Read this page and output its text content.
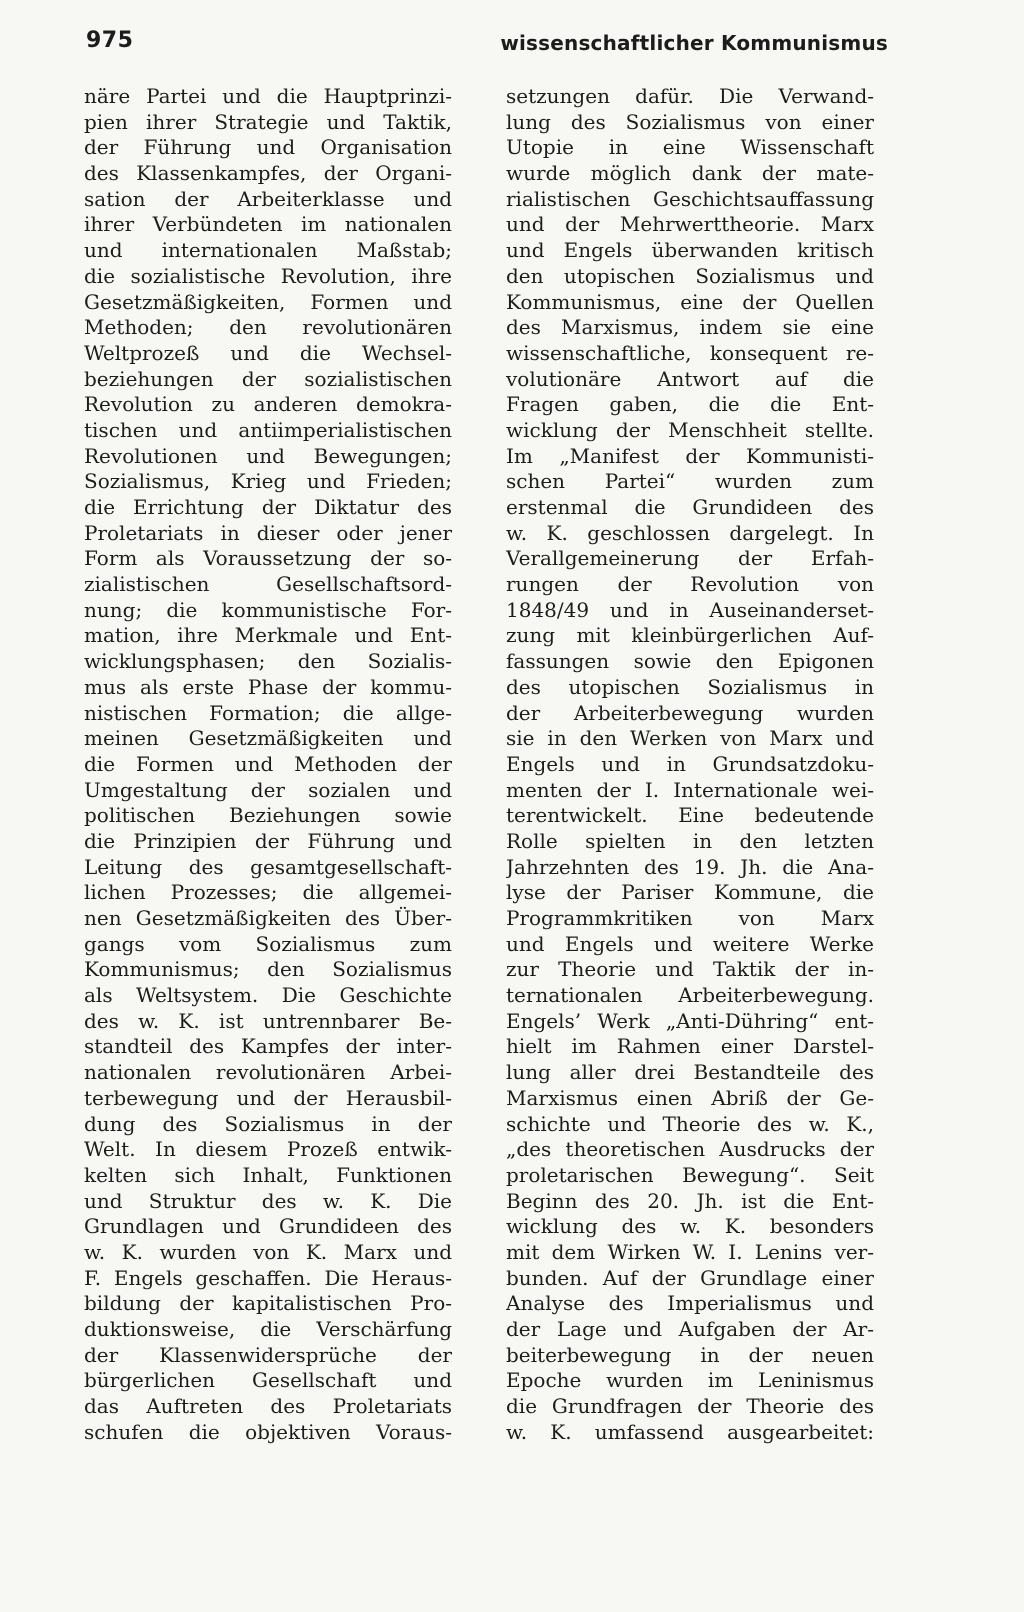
975	wissenschaftlicher Kommunismus
näre Partei und die Hauptprinzi-
pien ihrer Strategie und Taktik,
der Führung und Organisation
des Klassenkampfes, der Organi-
sation der Arbeiterklasse und
ihrer Verbündeten im nationalen
und internationalen Maßstab;
die sozialistische Revolution, ihre
Gesetzmäßigkeiten, Formen und
Methoden; den revolutionären
Weltprozeß und die Wechsel-
beziehungen der sozialistischen
Revolution zu anderen demokra-
tischen und antiimperialistischen
Revolutionen und Bewegungen;
Sozialismus, Krieg und Frieden;
die Errichtung der Diktatur des
Proletariats in dieser oder jener
Form als Voraussetzung der so-
zialistischen Gesellschaftsord-
nung; die kommunistische For-
mation, ihre Merkmale und Ent-
wicklungsphasen; den Sozialis-
mus als erste Phase der kommu-
nistischen Formation; die allge-
meinen Gesetzmäßigkeiten und
die Formen und Methoden der
Umgestaltung der sozialen und
politischen Beziehungen sowie
die Prinzipien der Führung und
Leitung des gesamtgesellschaft-
lichen Prozesses; die allgemei-
nen Gesetzmäßigkeiten des Über-
gangs vom Sozialismus zum
Kommunismus; den Sozialismus
als Weltsystem. Die Geschichte
des w. K. ist untrennbarer Be-
standteil des Kampfes der inter-
nationalen revolutionären Arbei-
terbewegung und der Herausbil-
dung des Sozialismus in der
Welt. In diesem Prozeß entwik-
kelten sich Inhalt, Funktionen
und Struktur des w. K. Die
Grundlagen und Grundideen des
w. K. wurden von K. Marx und
F. Engels geschaffen. Die Heraus-
bildung der kapitalistischen Pro-
duktionsweise, die Verschärfung
der Klassenwidersprüche der
bürgerlichen Gesellschaft und
das Auftreten des Proletariats
schufen die objektiven Voraus-
setzungen dafür. Die Verwand-
lung des Sozialismus von einer
Utopie in eine Wissenschaft
wurde möglich dank der mate-
rialistischen Geschichtsauffassung
und der Mehrwerttheorie. Marx
und Engels überwanden kritisch
den utopischen Sozialismus und
Kommunismus, eine der Quellen
des Marxismus, indem sie eine
wissenschaftliche, konsequent re-
volutionäre Antwort auf die
Fragen gaben, die die Ent-
wicklung der Menschheit stellte.
Im „Manifest der Kommunisti-
schen Partei“ wurden zum
erstenmal die Grundideen des
w. K. geschlossen dargelegt. In
Verallgemeinerung der Erfah-
rungen der Revolution von
1848/49 und in Auseinanderset-
zung mit kleinbürgerlichen Auf-
fassungen sowie den Epigonen
des utopischen Sozialismus in
der Arbeiterbewegung wurden
sie in den Werken von Marx und
Engels und in Grundsatzdoku-
menten der I. Internationale wei-
terentwickelt. Eine bedeutende
Rolle spielten in den letzten
Jahrzehnten des 19. Jh. die Ana-
lyse der Pariser Kommune, die
Programmkritiken von Marx
und Engels und weitere Werke
zur Theorie und Taktik der in-
ternationalen Arbeiterbewegung.
Engels’ Werk „Anti-Dühring“ ent-
hielt im Rahmen einer Darstel-
lung aller drei Bestandteile des
Marxismus einen Abriß der Ge-
schichte und Theorie des w. K.,
„des theoretischen Ausdrucks der
proletarischen Bewegung“. Seit
Beginn des 20. Jh. ist die Ent-
wicklung des w. K. besonders
mit dem Wirken W. I. Lenins ver-
bunden. Auf der Grundlage einer
Analyse des Imperialismus und
der Lage und Aufgaben der Ar-
beiterbewegung in der neuen
Epoche wurden im Leninismus
die Grundfragen der Theorie des
w. K. umfassend ausgearbeitet:
